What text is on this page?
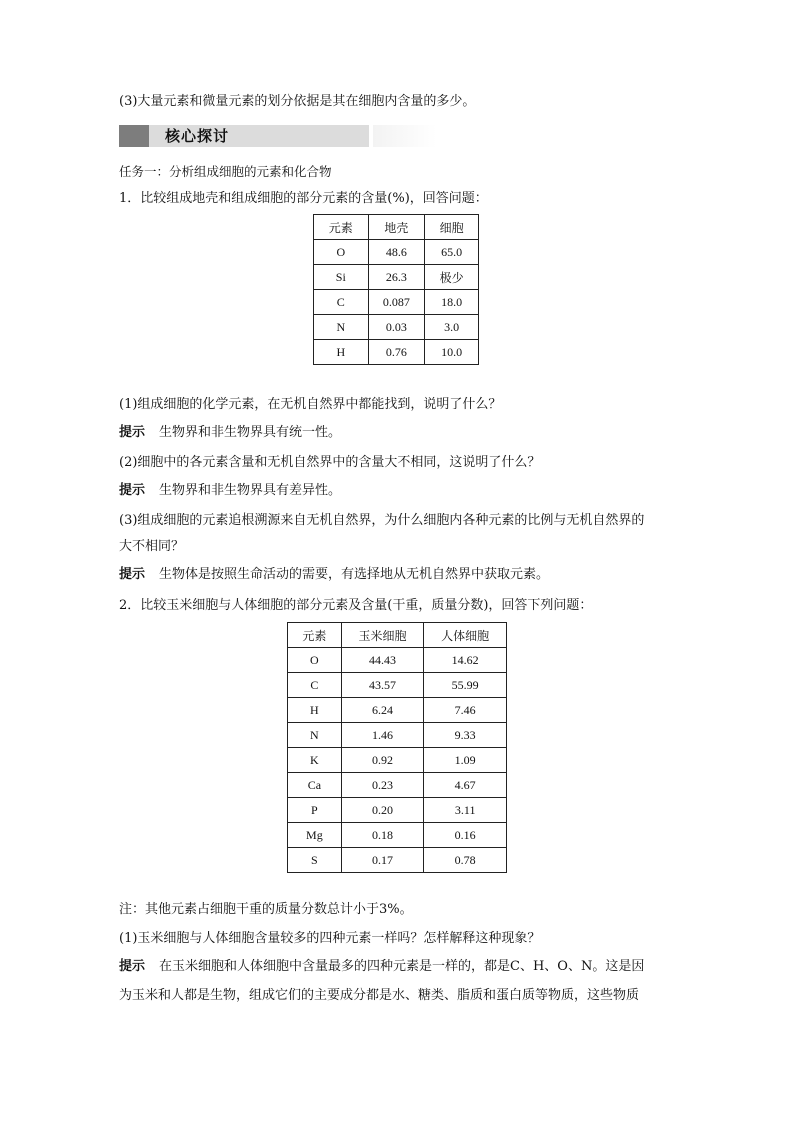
(3)大量元素和微量元素的划分依据是其在细胞内含量的多少。
核心探讨
任务一：分析组成细胞的元素和化合物
1．比较组成地壳和组成细胞的部分元素的含量(%)，回答问题：
元素	地壳	细胞
O	48.6	65.0
Si	26.3	极少
C	0.087	18.0
N	0.03	3.0
H	0.76	10.0
(1)组成细胞的化学元素，在无机自然界中都能找到，说明了什么？
提示 生物界和非生物界具有统一性。
(2)细胞中的各元素含量和无机自然界中的含量大不相同，这说明了什么？
提示 生物界和非生物界具有差异性。
(3)组成细胞的元素追根溯源来自无机自然界，为什么细胞内各种元素的比例与无机自然界的
大不相同？
提示 生物体是按照生命活动的需要，有选择地从无机自然界中获取元素。
2．比较玉米细胞与人体细胞的部分元素及含量(干重，质量分数)，回答下列问题：
元素	玉米细胞	人体细胞
O	44.43	14.62
C	43.57	55.99
H	6.24	7.46
N	1.46	9.33
K	0.92	1.09
Ca	0.23	4.67
P	0.20	3.11
Mg	0.18	0.16
S	0.17	0.78
注：其他元素占细胞干重的质量分数总计小于3%。
(1)玉米细胞与人体细胞含量较多的四种元素一样吗？怎样解释这种现象？
提示 在玉米细胞和人体细胞中含量最多的四种元素是一样的，都是C、H、O、N。这是因
为玉米和人都是生物，组成它们的主要成分都是水、糖类、脂质和蛋白质等物质，这些物质
